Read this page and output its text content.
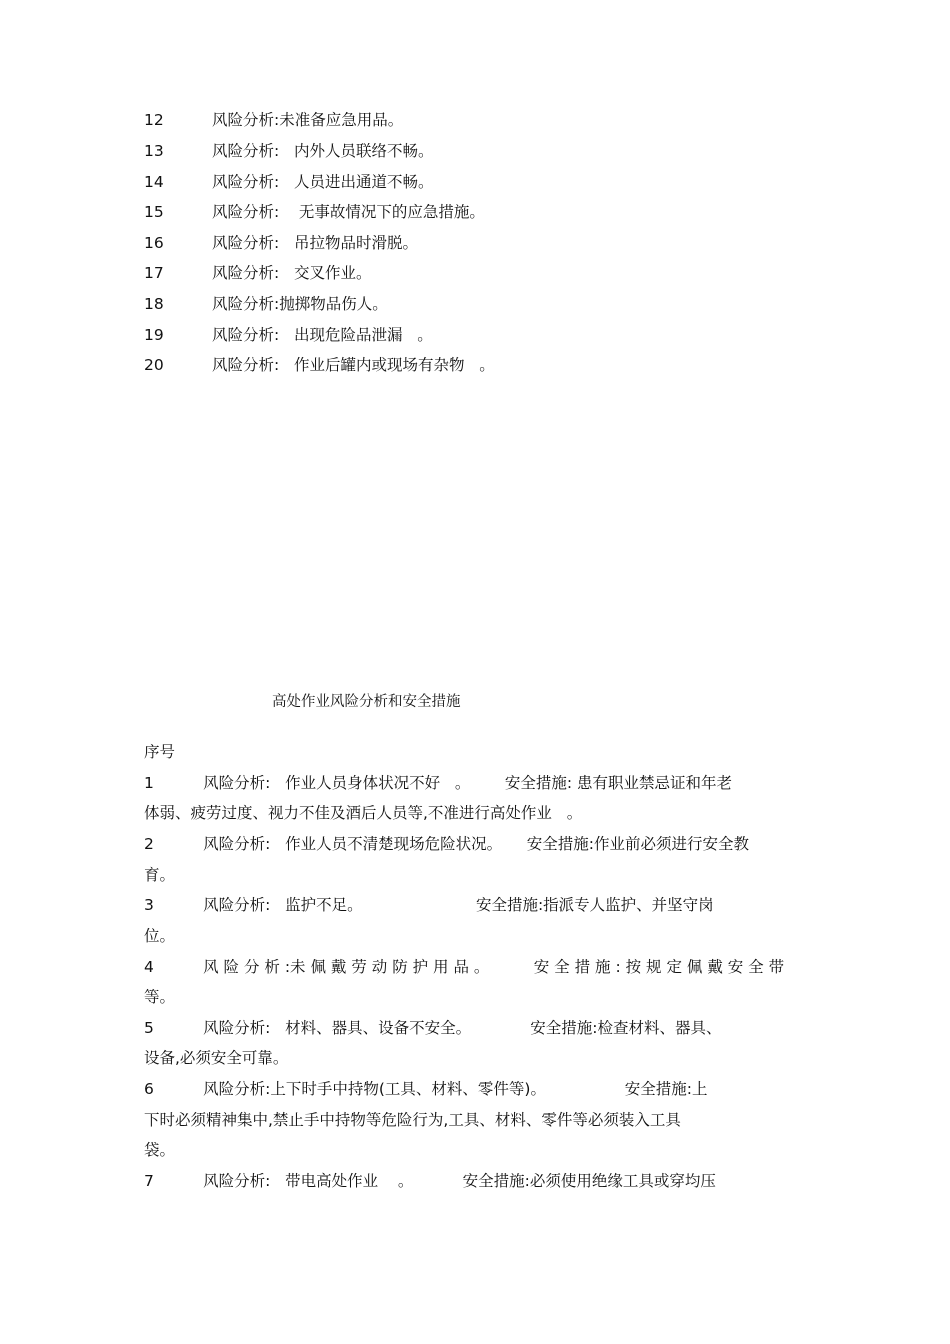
12	风险分析:未准备应急用品。
13	风险分析:   内外人员联络不畅。
14	风险分析:   人员进出通道不畅。
15	风险分析:    无事故情况下的应急措施。
16	风险分析:   吊拉物品时滑脱。
17	风险分析:   交叉作业。
18	风险分析:抛掷物品伤人。
19	风险分析:   出现危险品泄漏   。
20	风险分析:   作业后罐内或现场有杂物   。
高处作业风险分析和安全措施
序号
1          风险分析:   作业人员身体状况不好   。       安全措施: 患有职业禁忌证和年老
体弱、疲劳过度、视力不佳及酒后人员等,不准进行高处作业   。
2          风险分析:   作业人员不清楚现场危险状况。     安全措施:作业前必须进行安全教
育。
3          风险分析:   监护不足。                       安全措施:指派专人监护、并坚守岗
位。
4          风 险 分 析 :未 佩 戴 劳 动 防 护 用 品 。         安 全 措 施 : 按 规 定 佩 戴 安 全 带
等。
5          风险分析:   材料、器具、设备不安全。            安全措施:检查材料、器具、
设备,必须安全可靠。
6          风险分析:上下时手中持物(工具、材料、零件等)。                安全措施:上
下时必须精神集中,禁止手中持物等危险行为,工具、材料、零件等必须装入工具
袋。
7          风险分析:   带电高处作业    。          安全措施:必须使用绝缘工具或穿均压
